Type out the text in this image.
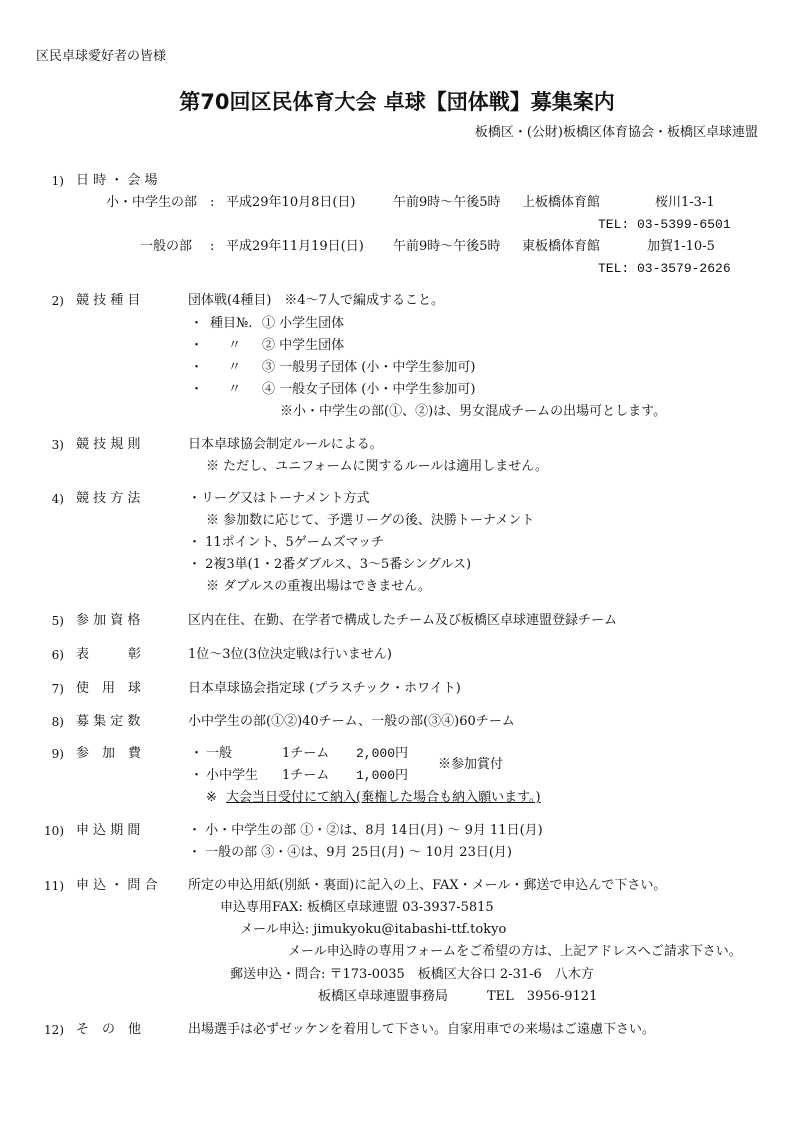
区民卓球愛好者の皆様
第70回区民体育大会 卓球【団体戦】募集案内
板橋区・(公財)板橋区体育協会・板橋区卓球連盟
1) 日 時 ・ 会 場
小・中学生の部 : 平成29年10月8日(日)	午前9時～午後5時 上板橋体育館	桜川1-3-1
TEL: 03-5399-6501
一般の部 : 平成29年11月19日(日) 午前9時～午後5時 東板橋体育館	加賀1-10-5
TEL: 03-3579-2626
2) 競 技 種 目	団体戦(4種目)　※4～7人で編成すること。
・ 種目№. ① 小学生団体
・ 〃 ② 中学生団体
・ 〃 ③ 一般男子団体 (小・中学生参加可)
・ 〃 ④ 一般女子団体 (小・中学生参加可)
※小・中学生の部(①、②)は、男女混成チームの出場可とします。
3) 競 技 規 則	日本卓球協会制定ルールによる。
※ ただし、ユニフォームに関するルールは適用しません。
4) 競 技 方 法	・リーグ又はトーナメント方式
※ 参加数に応じて、予選リーグの後、決勝トーナメント
・ 11ポイント、5ゲームズマッチ
・ 2複3単(1・2番ダブルス、3～5番シングルス)
※ ダブルスの重複出場はできません。
5) 参 加 資 格	区内在住、在勤、在学者で構成したチーム及び板橋区卓球連盟登録チーム
6) 表　　　彰	1位～3位(3位決定戦は行いません)
7) 使　用　球	日本卓球協会指定球 (プラスチック・ホワイト)
8) 募 集 定 数	小中学生の部(①②)40チーム、一般の部(③④)60チーム
9) 参　加　費	・ 一般	1チーム 2,000円
・ 小中学生 1チーム 1,000円
※参加賞付
※ 大会当日受付にて納入(棄権した場合も納入願います。)
10) 申 込 期 間	・ 小・中学生の部 ①・②は、8月 14日(月) ～ 9月 11日(月)
・ 一般の部 ③・④は、9月 25日(月) ～ 10月 23日(月)
11) 申 込 ・ 問 合 所定の申込用紙(別紙・裏面)に記入の上、FAX・メール・郵送で申込んで下さい。
申込専用FAX: 板橋区卓球連盟 03-3937-5815
メール申込: jimukyoku@itabashi-ttf.tokyo
メール申込時の専用フォームをご希望の方は、上記アドレスへご請求下さい。
郵送申込・問合: 〒173-0035　板橋区大谷口 2-31-6　八木方
板橋区卓球連盟事務局　　　TEL　3956-9121
12) そ　の　他	出場選手は必ずゼッケンを着用して下さい。自家用車での来場はご遠慮下さい。
